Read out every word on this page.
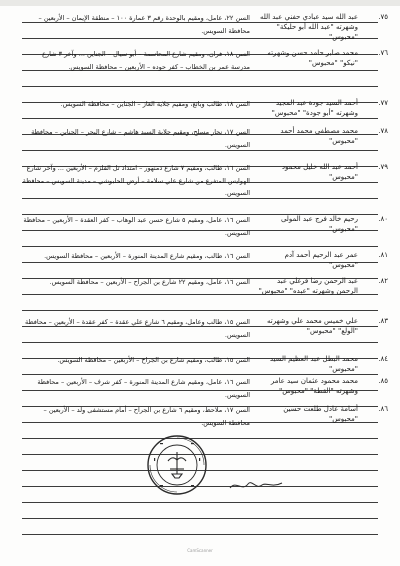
٧٥.
عبد الله سيد عبادي حفني عبد الله وشهرته "عبد الله أبو حليكة" "محبوس"
السن ٢٢، عامل، ومقيم بالوحدة رقم ٣ عمارة ١٠٠ – منطقة الإيمان – الأربعين – محافظة السويس.
٧٦.
محمد صابر حامد حسن وشهرته "نيكو" "محبوس"
السن ١٨، فران، ومقيم شارع المحاسمة – أبو سيال – الجناين ... وآخر ٣ شارع مدرسة عمر بن الخطاب – كفر حوده – الأربعين – محافظة السويس.
٧٧.
أحمد السيد جودة عبد المجيد وشهرته "أبو جودة" "محبوس"
السن ١٨، طالب وبائع، ومقيم جلاية الغاز – الجناين – محافظة السويس.
٧٨.
محمد مصطفى محمد أحمد "محبوس"
السن ١٧، نجار مسلح، ومقيم جلاية السيد هاشم – شارع البحر – الجناين – محافظة السويس.
٧٩.
أحمد عبد الله خليل محمود "محبوس"
السن ١٦، طالب، ومقيم ٧ شارع دمنهور – امتداد تل القلزم – الأربعين ... وآخر شارع الهوايس المتفرع من شارع علي سلامة – أرض الحلبوشي – مدينة السويس – محافظة السويس.
٨٠.
رحيم خالد فرج عبد المولى "محبوس"
السن ١٦، عامل، ومقيم ٥ شارع حسن عبد الوهاب – كفر العقدة – الأربعين – محافظة السويس.
٨١.
عمر عبد الرحيم أحمد آدم "محبوس"
السن ١٦، طالب، ومقيم شارع المدينة المنورة – الأربعين – محافظة السويس.
٨٢.
عبد الرحمن رضا فرغلي عبد الرحمن وشهرته "عبده" "محبوس"
السن ١٦، عامل، ومقيم ٢٢ شارع بن الجراح – الأربعين – محافظة السويس.
٨٣.
علي خميس محمد علي وشهرته "الولع" "محبوس"
السن ١٥، طالب وعامل، ومقيم ٦ شارع علي عقدة – كفر عقدة – الأربعين – محافظة السويس.
٨٤.
محمد البطل عبد العظيم السيد "محبوس"
السن ١٥، طالب، ومقيم شارع بن الجراح – الأربعين – محافظة السويس.
٨٥.
محمد محمود عثمان سيد عامر وشهرته "القطة" "محبوس"
السن ١٦، عامل، ومقيم شارع المدينة المنورة – كفر شرف – الأربعين – محافظة السويس.
٨٦.
أسامة عادل طلعت حسين "محبوس"
السن ١٧، ملاحظ، ومقيم ٦ شارع بن الجراح – أمام مستشفى ولد – الأربعين – محافظة السويس.
CamScanner
